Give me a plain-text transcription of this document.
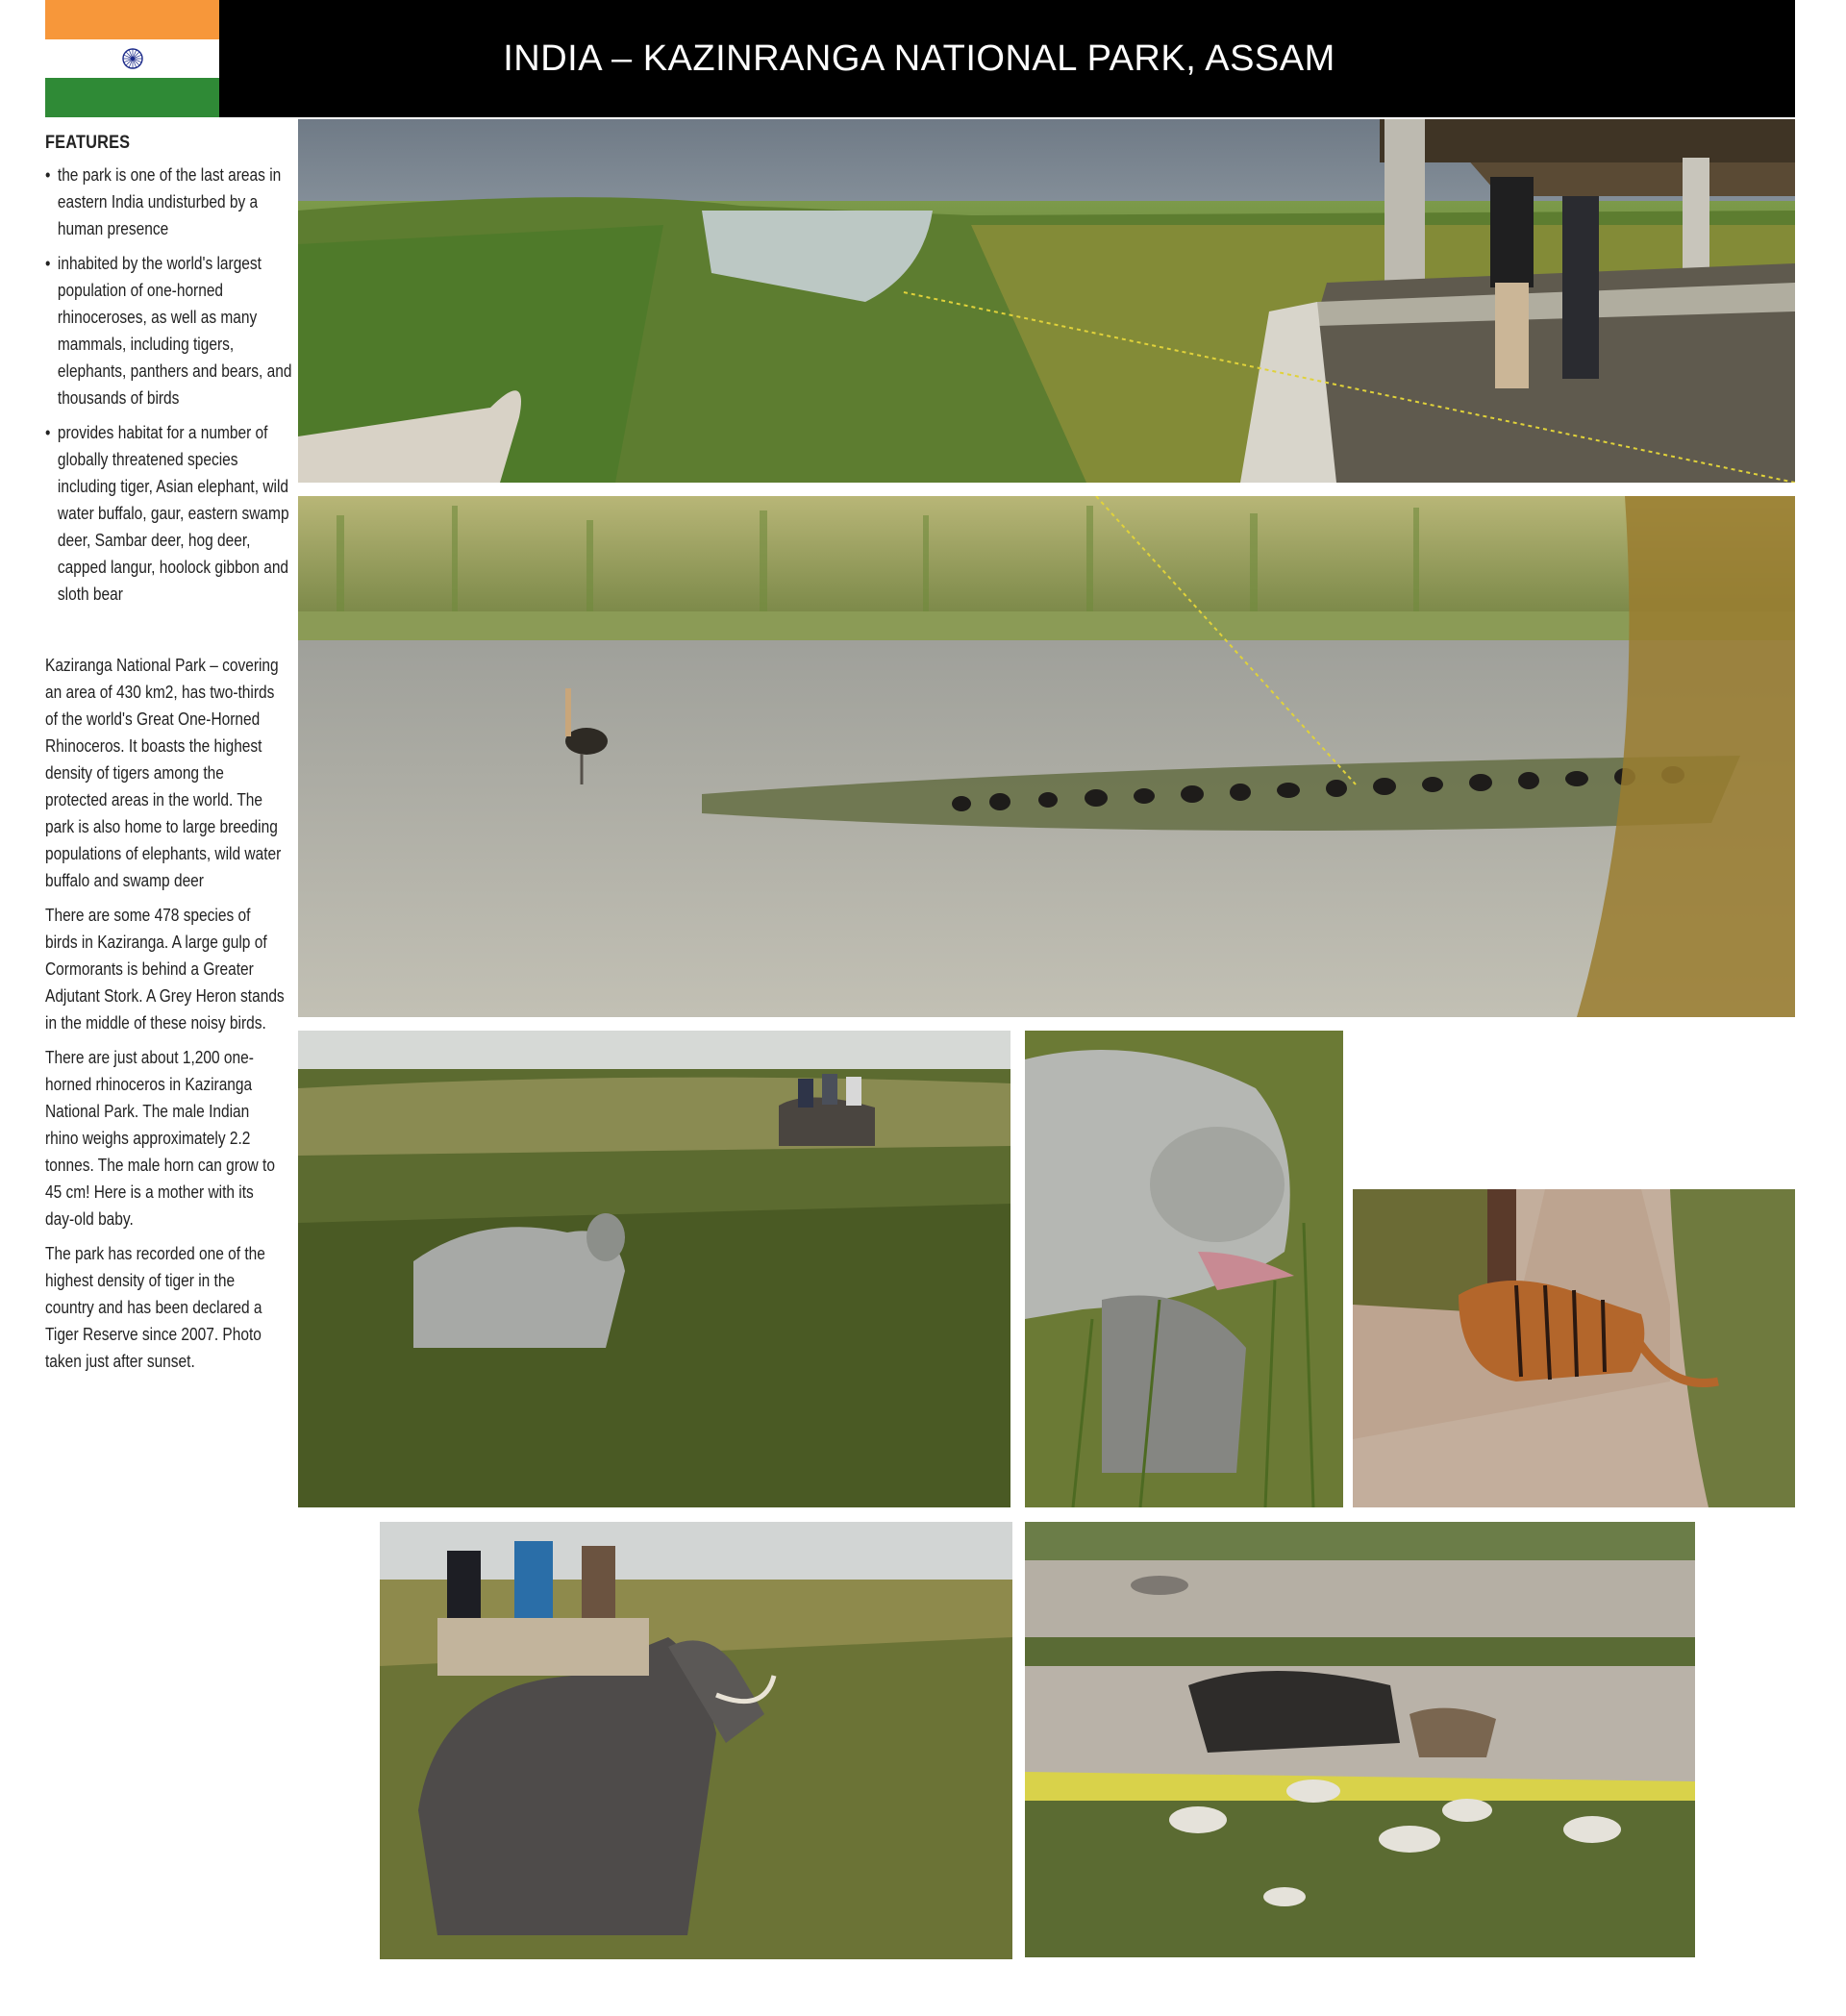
INDIA – KAZINRANGA NATIONAL PARK, ASSAM
FEATURES
• the park is one of the last areas in eastern India undisturbed by a human presence
• inhabited by the world's largest population of one-horned rhinoceroses, as well as many mammals, including tigers, elephants, panthers and bears, and thousands of birds
• provides habitat for a number of globally threatened species including tiger, Asian elephant, wild water buffalo, gaur, eastern swamp deer, Sambar deer, hog deer, capped langur, hoolock gibbon and sloth bear

Kaziranga National Park – covering an area of 430 km2, has two-thirds of the world's Great One-Horned Rhinoceros. It boasts the highest density of tigers among the protected areas in the world. The park is also home to large breeding populations of elephants, wild water buffalo and swamp deer

There are some 478 species of birds in Kaziranga. A large gulp of Cormorants is behind a Greater Adjutant Stork. A Grey Heron stands in the middle of these noisy birds.

There are just about 1,200 one-horned rhinoceros in Kaziranga National Park. The male Indian rhino weighs approximately 2.2 tonnes. The male horn can grow to 45 cm! Here is a mother with its day-old baby.

The park has recorded one of the highest density of tiger in the country and has been declared a Tiger Reserve since 2007. Photo taken just after sunset.
